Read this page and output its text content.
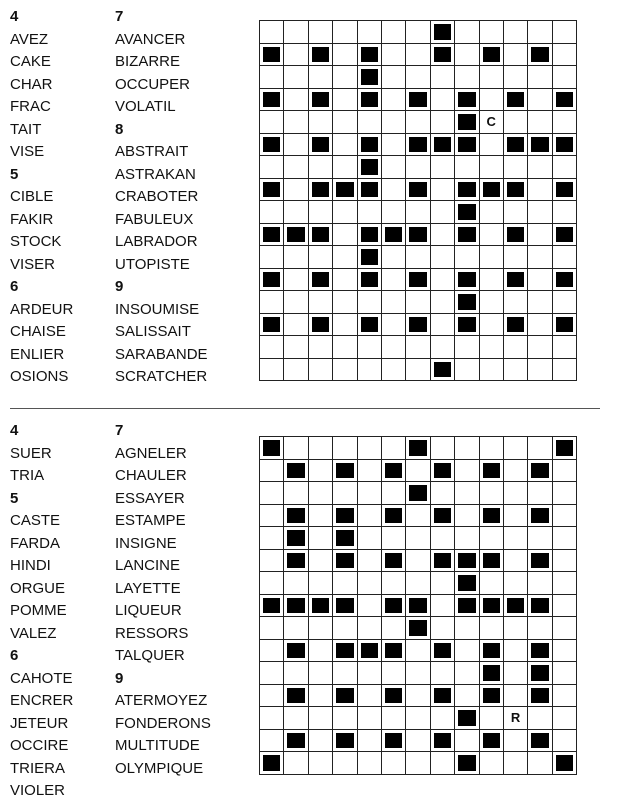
4
AVEZ
CAKE
CHAR
FRAC
TAIT
VISE
5
CIBLE
FAKIR
STOCK
VISER
6
ARDEUR
CHAISE
ENLIER
OSIONS
7
AVANCER
BIZARRE
OCCUPER
VOLATIL
8
ABSTRAIT
ASTRAKAN
CRABOTER
FABULEUX
LABRADOR
UTOPISTE
9
INSOUMISE
SALISSAIT
SARABANDE
SCRATCHER
C
4
SUER
TRIA
5
CASTE
FARDA
HINDI
ORGUE
POMME
VALEZ
6
CAHOTE
ENCRER
JETEUR
OCCIRE
TRIERA
VIOLER
7
AGNELER
CHAULER
ESSAYER
ESTAMPE
INSIGNE
LANCINE
LAYETTE
LIQUEUR
RESSORS
TALQUER
9
ATERMOYEZ
FONDERONS
MULTITUDE
OLYMPIQUE
R
